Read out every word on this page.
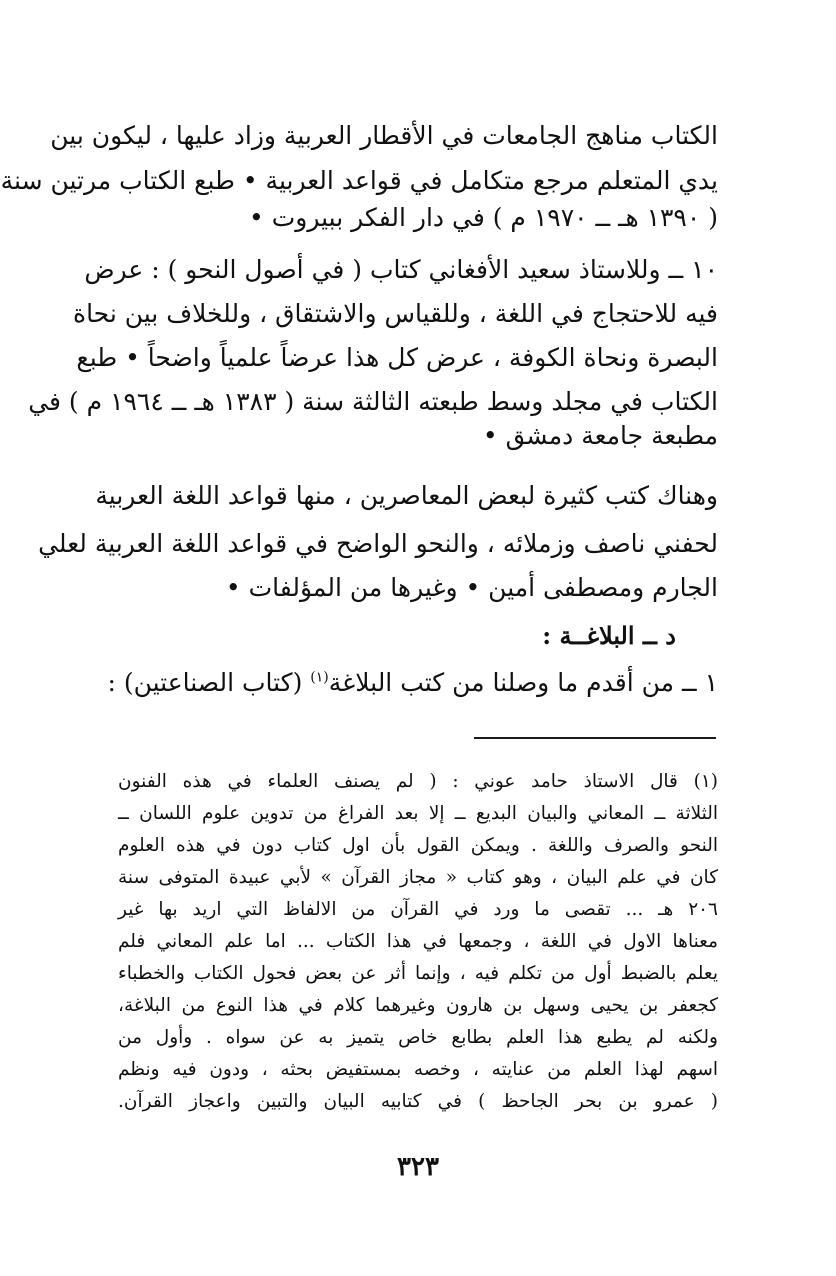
الكتاب مناهج الجامعات في الأقطار العربية وزاد عليها ، ليكون بين
يدي المتعلم مرجع متكامل في قواعد العربية • طبع الكتاب مرتين سنة
( ١٣٩٠ هـ ــ ١٩٧٠ م ) في دار الفكر ببيروت •
١٠ ــ وللاستاذ سعيد الأفغاني كتاب ( في أصول النحو ) : عرض
فيه للاحتجاج في اللغة ، وللقياس والاشتقاق ، وللخلاف بين نحاة
البصرة ونحاة الكوفة ، عرض كل هذا عرضاً علمياً واضحاً • طبع
الكتاب في مجلد وسط طبعته الثالثة سنة ( ١٣٨٣ هـ ــ ١٩٦٤ م ) في
مطبعة جامعة دمشق •
وهناك كتب كثيرة لبعض المعاصرين ، منها قواعد اللغة العربية
لحفني ناصف وزملائه ، والنحو الواضح في قواعد اللغة العربية لعلي
الجارم ومصطفى أمين • وغيرها من المؤلفات •
د ــ البلاغــة :
١ ــ من أقدم ما وصلنا من كتب البلاغة$^{(١)}$ (كتاب الصناعتين) :
(١) قال الاستاذ حامد عوني : ( لم يصنف العلماء في هذه الفنون
الثلاثة ــ المعاني والبيان البديع ــ إلا بعد الفراغ من تدوين علوم اللسان ــ
النحو والصرف واللغة . ويمكن القول بأن اول كتاب دون في هذه العلوم
كان في علم البيان ، وهو كتاب « مجاز القرآن » لأبي عبيدة المتوفى سنة
٢٠٦ هـ ... تقصى ما ورد في القرآن من الالفاظ التي اريد بها غير
معناها الاول في اللغة ، وجمعها في هذا الكتاب ... اما علم المعاني فلم
يعلم بالضبط أول من تكلم فيه ، وإنما أثر عن بعض فحول الكتاب والخطباء
كجعفر بن يحيى وسهل بن هارون وغيرهما كلام في هذا النوع من البلاغة،
ولكنه لم يطبع هذا العلم بطابع خاص يتميز به عن سواه . وأول من
اسهم لهذا العلم من عنايته ، وخصه بمستفيض بحثه ، ودون فيه ونظم
( عمرو بن بحر الجاحظ ) في كتابيه البيان والتبين واعجاز القرآن.
٣٢٣
